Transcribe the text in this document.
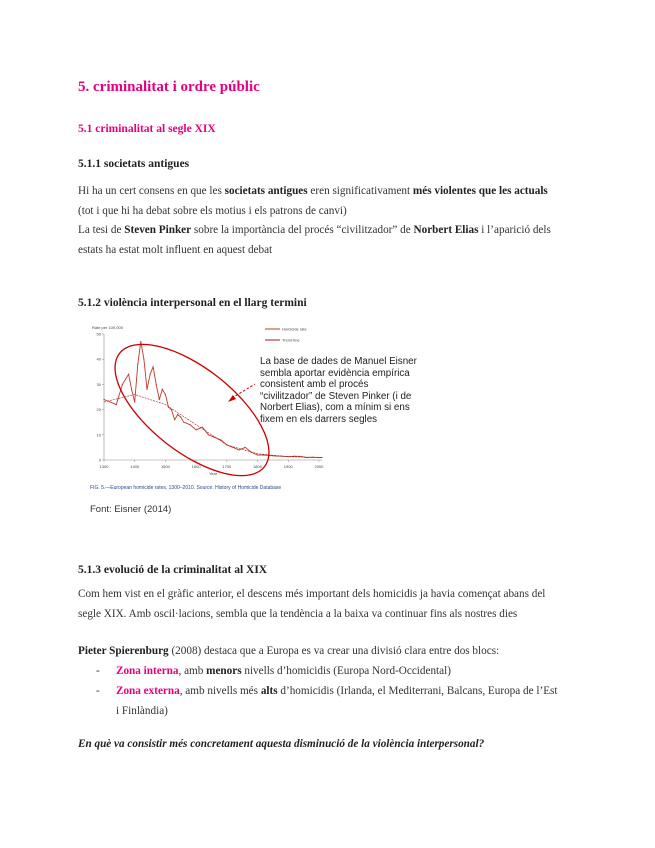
5. criminalitat i ordre públic
5.1 criminalitat al segle XIX
5.1.1 societats antigues
Hi ha un cert consens en que les societats antigues eren significativament més violentes que les actuals
(tot i que hi ha debat sobre els motius i els patrons de canvi)
La tesi de Steven Pinker sobre la importància del procés “civilitzador” de Norbert Elias i l’aparició dels
estats ha estat molt influent en aquest debat
5.1.2 violència interpersonal en el llarg termini
0
10
20
30
40
50
1300	1400	1500	1600	1700	1800	1900	2000
Rate per 100,000
Year
Homicide rate
Trend line
La base de dades de Manuel Eisner sembla aportar evidència empírica consistent amb el procés “civilitzador” de Steven Pinker (i de Norbert Elias), com a mínim si ens fixem en els darrers segles
FIG. 5.—European homicide rates, 1300–2010. Source: History of Homicide Database
Font: Eisner (2014)
5.1.3 evolució de la criminalitat al XIX
Com hem vist en el gràfic anterior, el descens més important dels homicidis ja havia començat abans del
segle XIX. Amb oscil·lacions, sembla que la tendència a la baixa va continuar fins als nostres dies
Pieter Spierenburg (2008) destaca que a Europa es va crear una divisió clara entre dos blocs:
- Zona interna, amb menors nivells d’homicidis (Europa Nord-Occidental)
- Zona externa, amb nivells més alts d’homicidis (Irlanda, el Mediterrani, Balcans, Europa de l’Est
i Finlàndia)
En què va consistir més concretament aquesta disminució de la violència interpersonal?
